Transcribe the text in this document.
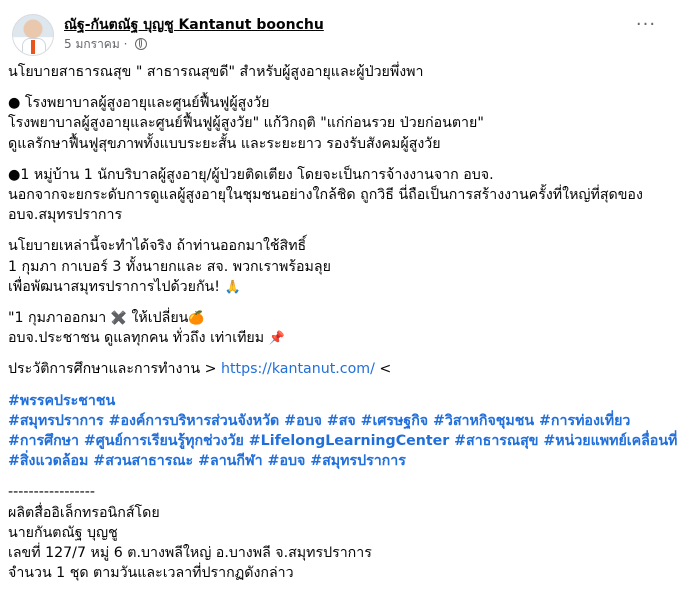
ณัฐ-กันตณัฐ บุญชู Kantanut boonchu
5 มกราคม ·
···
นโยบายสาธารณสุข " สาธารณสุขดี" สำหรับผู้สูงอายุและผู้ป่วยพึ่งพา
● โรงพยาบาลผู้สูงอายุและศูนย์ฟื้นฟูผู้สูงวัย
โรงพยาบาลผู้สูงอายุและศูนย์ฟื้นฟูผู้สูงวัย" แก้วิกฤติ "แก่ก่อนรวย ป่วยก่อนตาย"
ดูแลรักษาฟื้นฟูสุขภาพทั้งแบบระยะสั้น และระยะยาว รองรับสังคมผู้สูงวัย
●1 หมู่บ้าน 1 นักบริบาลผู้สูงอายุ/ผู้ป่วยติดเตียง โดยจะเป็นการจ้างงานจาก อบจ.
นอกจากจะยกระดับการดูแลผู้สูงอายุในชุมชนอย่างใกล้ชิด ถูกวิธี นี่ถือเป็นการสร้างงานครั้งที่ใหญ่ที่สุดของ
อบจ.สมุทรปราการ
นโยบายเหล่านี้จะทำได้จริง ถ้าท่านออกมาใช้สิทธิ์
1 กุมภา กาเบอร์ 3 ทั้งนายกและ สจ. พวกเราพร้อมลุย
เพื่อพัฒนาสมุทรปราการไปด้วยกัน! 🙏
"1 กุมภาออกมา ✖️ ให้เปลี่ยน🍊
อบจ.ประชาชน ดูแลทุกคน ทั่วถึง เท่าเทียม 📌
ประวัติการศึกษาและการทำงาน > https://kantanut.com/ <
#พรรคประชาชน
#สมุทรปราการ #องค์การบริหารส่วนจังหวัด #อบจ #สจ #เศรษฐกิจ #วิสาหกิจชุมชน #การท่องเที่ยว
#การศึกษา #ศูนย์การเรียนรู้ทุกช่วงวัย #LifelongLearningCenter #สาธารณสุข #หน่วยแพทย์เคลื่อนที่
#สิ่งแวดล้อม #สวนสาธารณะ #ลานกีฬา #อบจ #สมุทรปราการ
-----------------
ผลิตสื่ออิเล็กทรอนิกส์โดย
นายกันตณัฐ บุญชู
เลขที่ 127/7 หมู่ 6 ต.บางพลีใหญ่ อ.บางพลี จ.สมุทรปราการ
จำนวน 1 ชุด ตามวันและเวลาที่ปรากฏดังกล่าว
